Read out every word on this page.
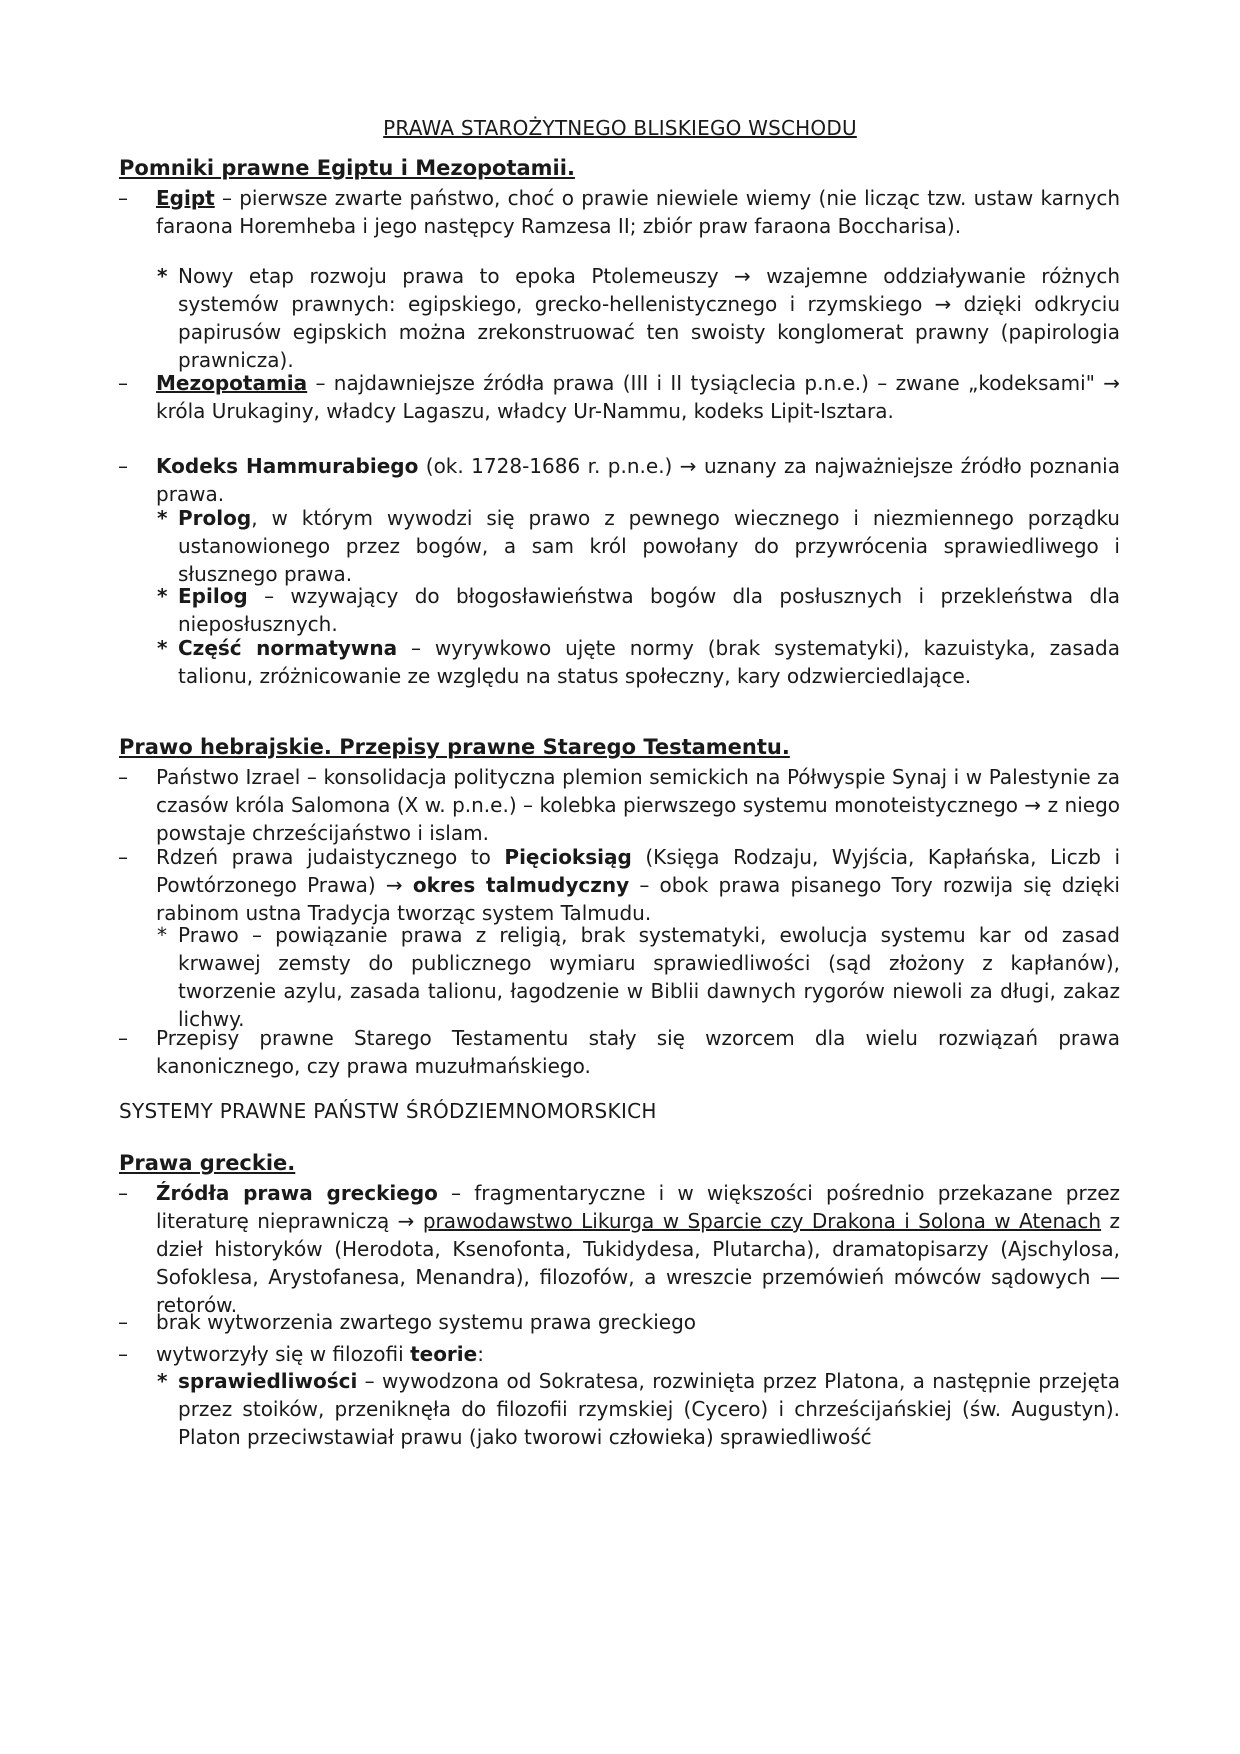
PRAWA STAROŻYTNEGO BLISKIEGO WSCHODU
Pomniki prawne Egiptu i Mezopotamii.
–	Egipt – pierwsze zwarte państwo, choć o prawie niewiele wiemy (nie licząc tzw. ustaw karnych faraona Horemheba i jego następcy Ramzesa II; zbiór praw faraona Boccharisa).
* Nowy etap rozwoju prawa to epoka Ptolemeuszy → wzajemne oddziaływanie różnych systemów prawnych: egipskiego, grecko-hellenistycznego i rzymskiego → dzięki odkryciu papirusów egipskich można zrekonstruować ten swoisty konglomerat prawny (papirologia prawnicza).
–	Mezopotamia – najdawniejsze źródła prawa (III i II tysiąclecia p.n.e.) – zwane „kodeksami" → króla Urukaginy, władcy Lagaszu, władcy Ur-Nammu, kodeks Lipit-Isztara.
–	Kodeks Hammurabiego (ok. 1728-1686 r. p.n.e.) → uznany za najważniejsze źródło poznania prawa.
* Prolog, w którym wywodzi się prawo z pewnego wiecznego i niezmiennego porządku ustanowionego przez bogów, a sam król powołany do przywrócenia sprawiedliwego i słusznego prawa.
* Epilog – wzywający do błogosławieństwa bogów dla posłusznych i przekleństwa dla nieposłusznych.
* Część normatywna – wyrywkowo ujęte normy (brak systematyki), kazuistyka, zasada talionu, zróżnicowanie ze względu na status społeczny, kary odzwierciedlające.
Prawo hebrajskie. Przepisy prawne Starego Testamentu.
–	Państwo Izrael – konsolidacja polityczna plemion semickich na Półwyspie Synaj i w Palestynie za czasów króla Salomona (X w. p.n.e.) – kolebka pierwszego systemu monoteistycznego → z niego powstaje chrześcijaństwo i islam.
–	Rdzeń prawa judaistycznego to Pięcioksiąg (Księga Rodzaju, Wyjścia, Kapłańska, Liczb i Powtórzonego Prawa) → okres talmudyczny – obok prawa pisanego Tory rozwija się dzięki rabinom ustna Tradycja tworząc system Talmudu.
* Prawo – powiązanie prawa z religią, brak systematyki, ewolucja systemu kar od zasad krwawej zemsty do publicznego wymiaru sprawiedliwości (sąd złożony z kapłanów), tworzenie azylu, zasada talionu, łagodzenie w Biblii dawnych rygorów niewoli za długi, zakaz lichwy.
–	Przepisy prawne Starego Testamentu stały się wzorcem dla wielu rozwiązań prawa kanonicznego, czy prawa muzułmańskiego.
SYSTEMY PRAWNE PAŃSTW ŚRÓDZIEMNOMORSKICH
Prawa greckie.
–	Źródła prawa greckiego – fragmentaryczne i w większości pośrednio przekazane przez literaturę nieprawniczą → prawodawstwo Likurga w Sparcie czy Drakona i Solona w Atenach z dzieł historyków (Herodota, Ksenofonta, Tukidydesa, Plutarcha), dramatopisarzy (Ajschylosa, Sofoklesa, Arystofanesa, Menandra), filozofów, a wreszcie przemówień mówców sądowych — retorów.
–	brak wytworzenia zwartego systemu prawa greckiego
–	wytworzyły się w filozofii teorie:
* sprawiedliwości – wywodzona od Sokratesa, rozwinięta przez Platona, a następnie przejęta przez stoików, przeniknęła do filozofii rzymskiej (Cycero) i chrześcijańskiej (św. Augustyn). Platon przeciwstawiał prawu (jako tworowi człowieka) sprawiedliwość
